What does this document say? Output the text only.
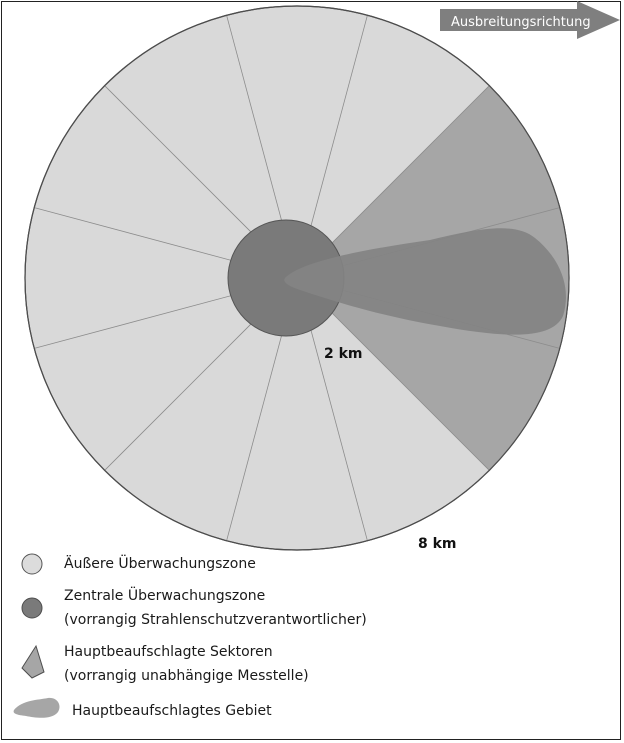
Ausbreitungsrichtung
2 km
8 km
Äußere Überwachungszone
Zentrale Überwachungszone
(vorrangig Strahlenschutzverantwortlicher)
Hauptbeaufschlagte Sektoren
(vorrangig unabhängige Messtelle)
Hauptbeaufschlagtes Gebiet
